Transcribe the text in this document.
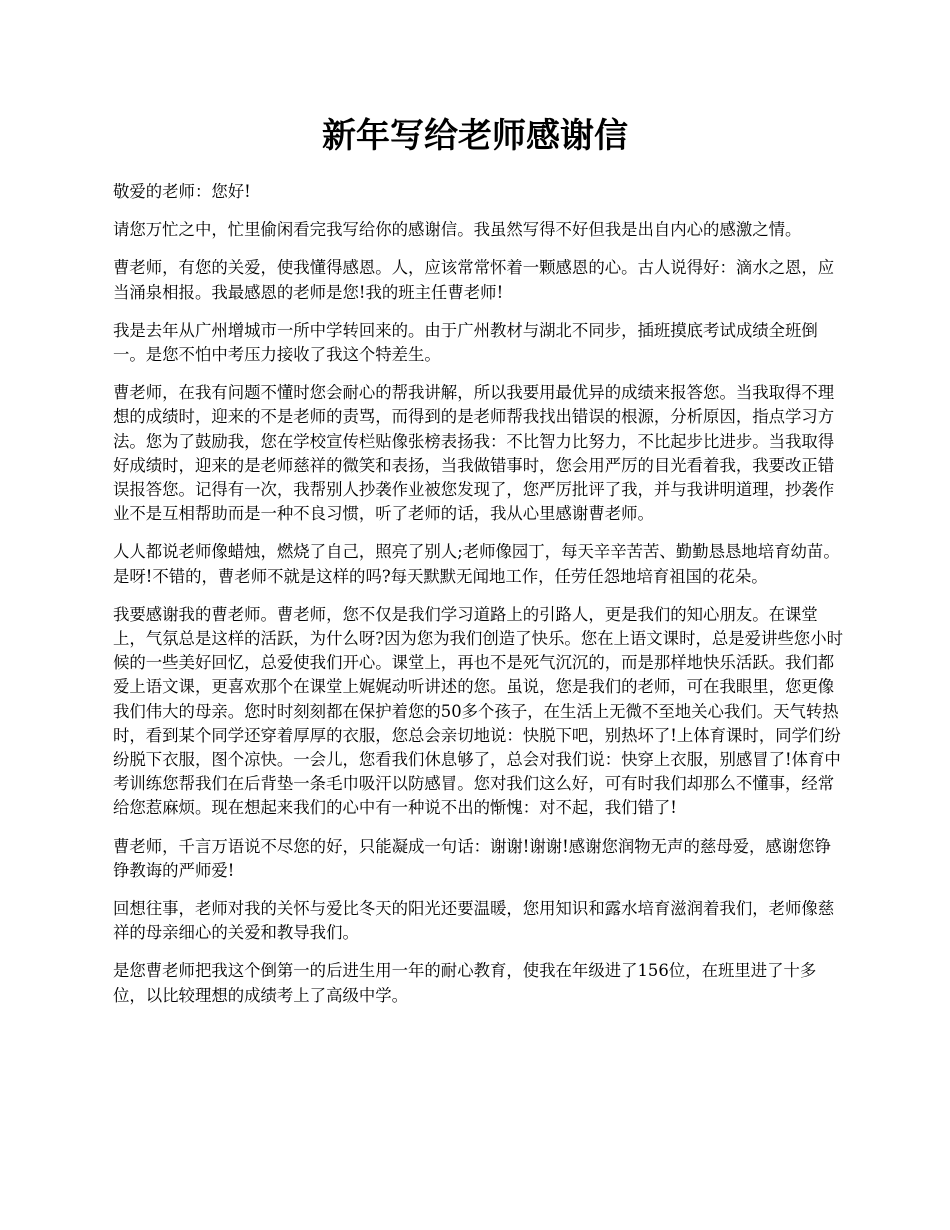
新年写给老师感谢信

敬爱的老师：您好!

请您万忙之中，忙里偷闲看完我写给你的感谢信。我虽然写得不好但我是出自内心的感激之情。

曹老师，有您的关爱，使我懂得感恩。人，应该常常怀着一颗感恩的心。古人说得好：滴水之恩，应当涌泉相报。我最感恩的老师是您!我的班主任曹老师!

我是去年从广州增城市一所中学转回来的。由于广州教材与湖北不同步，插班摸底考试成绩全班倒一。是您不怕中考压力接收了我这个特差生。

曹老师，在我有问题不懂时您会耐心的帮我讲解，所以我要用最优异的成绩来报答您。当我取得不理想的成绩时，迎来的不是老师的责骂，而得到的是老师帮我找出错误的根源，分析原因，指点学习方法。您为了鼓励我，您在学校宣传栏贴像张榜表扬我：不比智力比努力，不比起步比进步。当我取得好成绩时，迎来的是老师慈祥的微笑和表扬，当我做错事时，您会用严厉的目光看着我，我要改正错误报答您。记得有一次，我帮别人抄袭作业被您发现了，您严厉批评了我，并与我讲明道理，抄袭作业不是互相帮助而是一种不良习惯，听了老师的话，我从心里感谢曹老师。

人人都说老师像蜡烛，燃烧了自己，照亮了别人;老师像园丁，每天辛辛苦苦、勤勤恳恳地培育幼苗。是呀!不错的，曹老师不就是这样的吗?每天默默无闻地工作，任劳任怨地培育祖国的花朵。

我要感谢我的曹老师。曹老师，您不仅是我们学习道路上的引路人，更是我们的知心朋友。在课堂上，气氛总是这样的活跃，为什么呀?因为您为我们创造了快乐。您在上语文课时，总是爱讲些您小时候的一些美好回忆，总爱使我们开心。课堂上，再也不是死气沉沉的，而是那样地快乐活跃。我们都爱上语文课，更喜欢那个在课堂上娓娓动听讲述的您。虽说，您是我们的老师，可在我眼里，您更像我们伟大的母亲。您时时刻刻都在保护着您的50多个孩子，在生活上无微不至地关心我们。天气转热时，看到某个同学还穿着厚厚的衣服，您总会亲切地说：快脱下吧，别热坏了!上体育课时，同学们纷纷脱下衣服，图个凉快。一会儿，您看我们休息够了，总会对我们说：快穿上衣服，别感冒了!体育中考训练您帮我们在后背垫一条毛巾吸汗以防感冒。您对我们这么好，可有时我们却那么不懂事，经常给您惹麻烦。现在想起来我们的心中有一种说不出的惭愧：对不起，我们错了!

曹老师，千言万语说不尽您的好，只能凝成一句话：谢谢!谢谢!感谢您润物无声的慈母爱，感谢您铮铮教诲的严师爱!

回想往事，老师对我的关怀与爱比冬天的阳光还要温暖，您用知识和露水培育滋润着我们，老师像慈祥的母亲细心的关爱和教导我们。

是您曹老师把我这个倒第一的后进生用一年的耐心教育，使我在年级进了156位，在班里进了十多位，以比较理想的成绩考上了高级中学。
